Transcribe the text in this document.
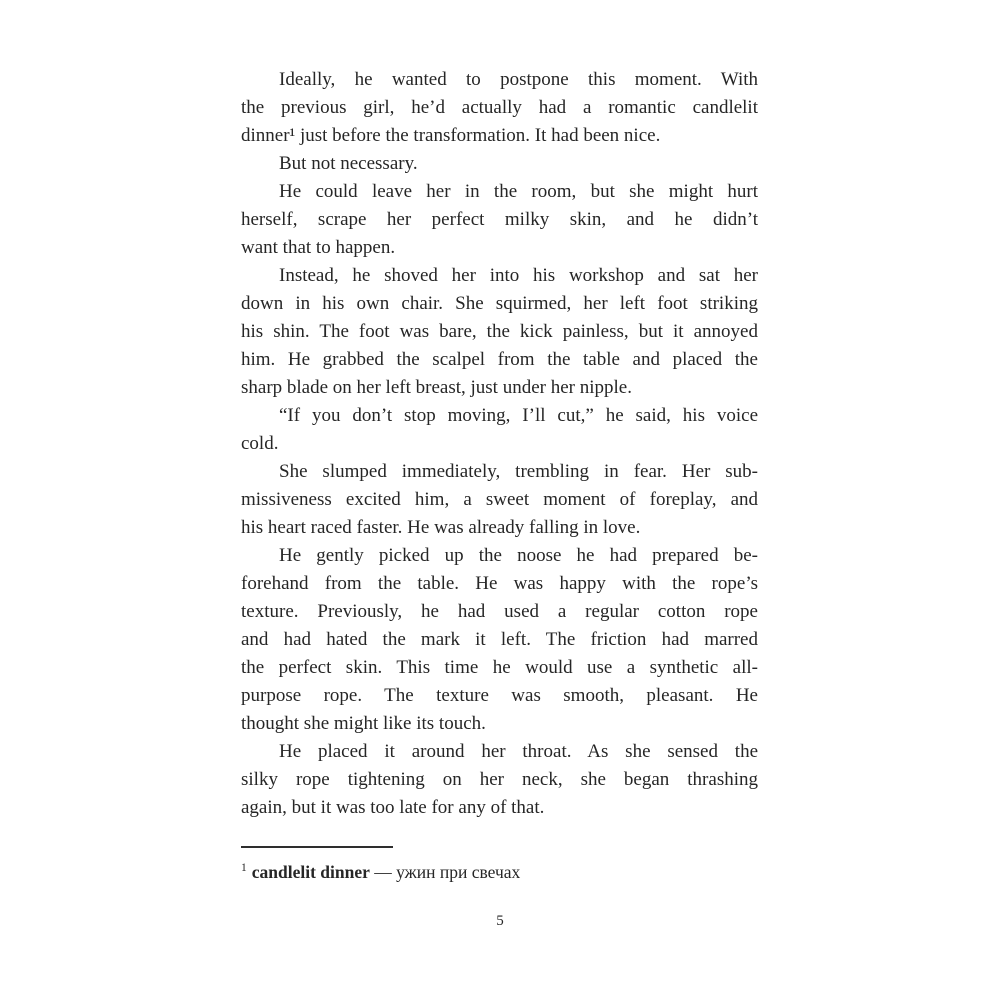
Ideally, he wanted to postpone this moment. With
the previous girl, he’d actually had a romantic candlelit
dinner¹ just before the transformation. It had been nice.
But not necessary.
He could leave her in the room, but she might hurt
herself, scrape her perfect milky skin, and he didn’t
want that to happen.
Instead, he shoved her into his workshop and sat her
down in his own chair. She squirmed, her left foot striking
his shin. The foot was bare, the kick painless, but it annoyed
him. He grabbed the scalpel from the table and placed the
sharp blade on her left breast, just under her nipple.
“If you don’t stop moving, I’ll cut,” he said, his voice
cold.
She slumped immediately, trembling in fear. Her sub-
missiveness excited him, a sweet moment of foreplay, and
his heart raced faster. He was already falling in love.
He gently picked up the noose he had prepared be-
forehand from the table. He was happy with the rope’s
texture. Previously, he had used a regular cotton rope
and had hated the mark it left. The friction had marred
the perfect skin. This time he would use a synthetic all-
purpose rope. The texture was smooth, pleasant. He
thought she might like its touch.
He placed it around her throat. As she sensed the
silky rope tightening on her neck, she began thrashing
again, but it was too late for any of that.
$^1$ candlelit dinner — ужин при свечах
5
